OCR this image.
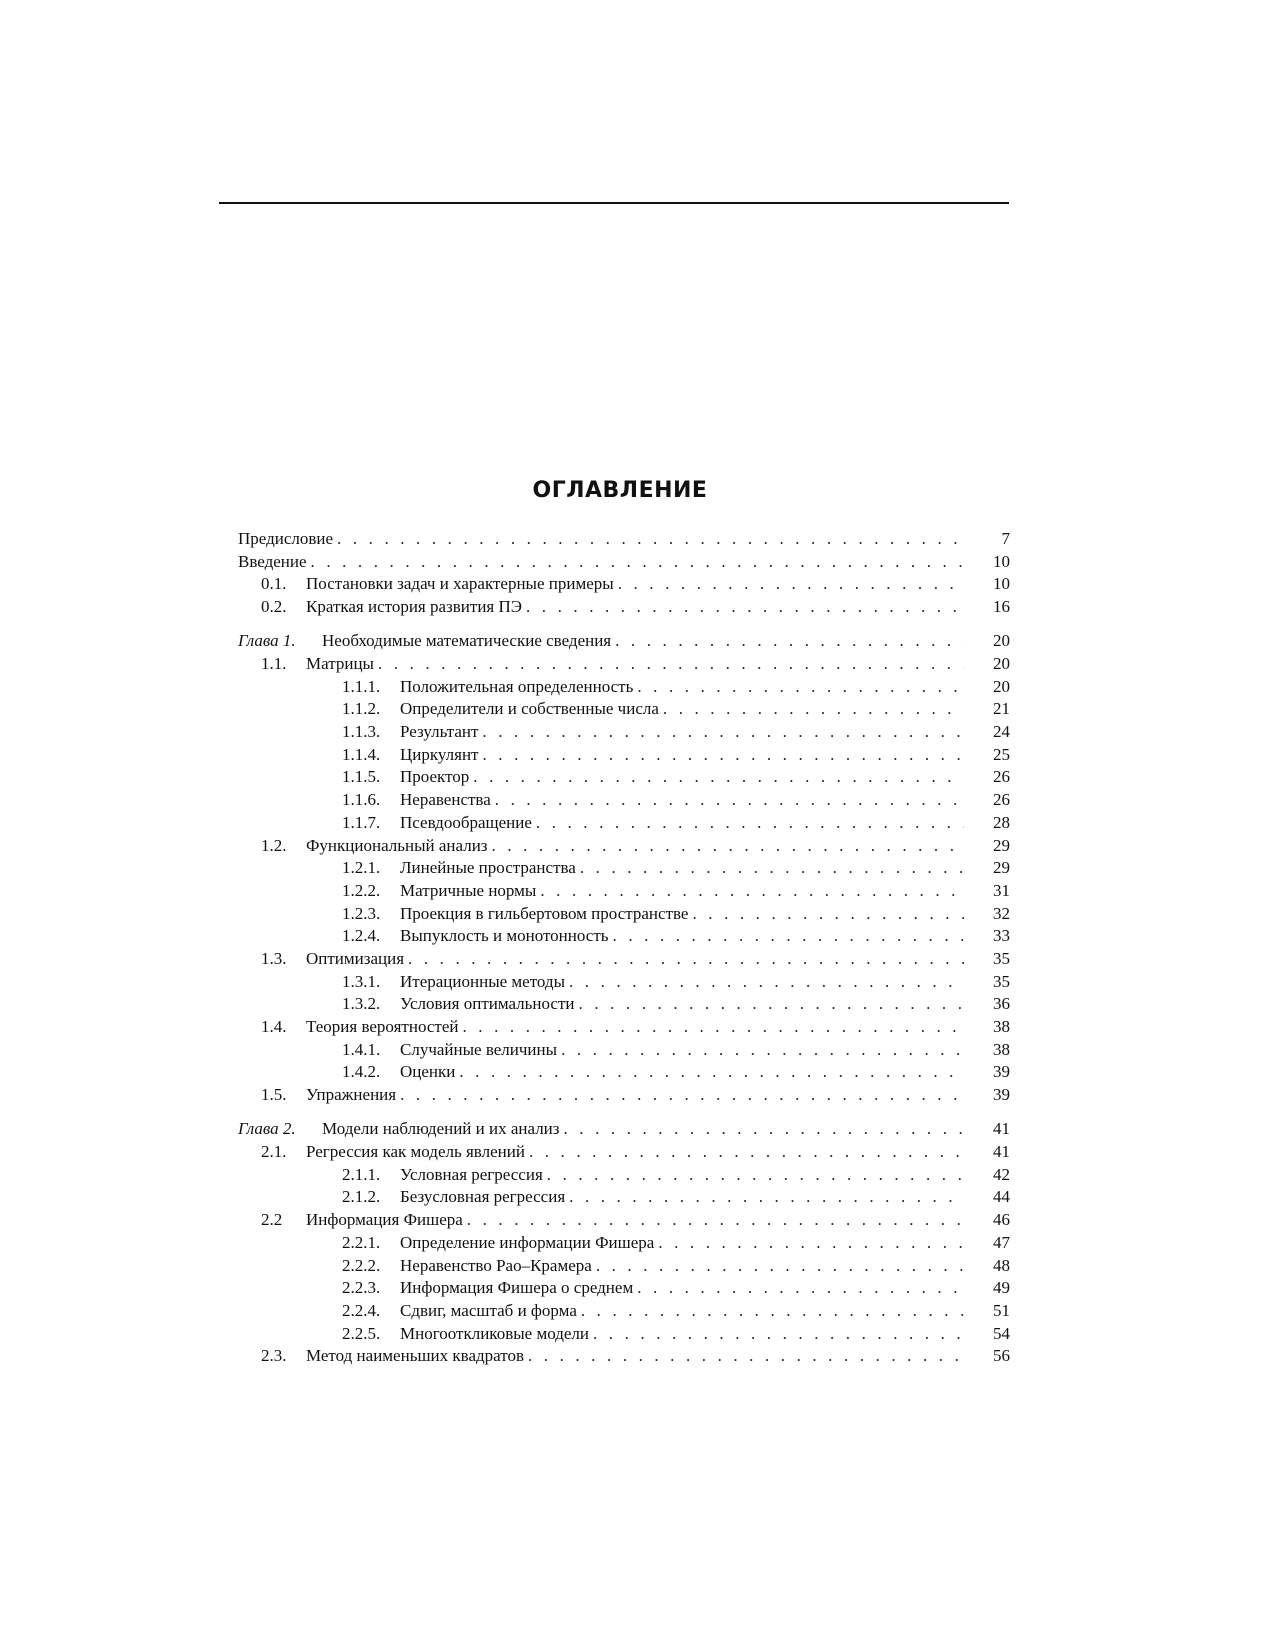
ОГЛАВЛЕНИЕ
Предисловие . . .	7
Введение . . .	10
0.1.	Постановки задач и характерные примеры . . .	10
0.2.	Краткая история развития ПЭ . . .	16
Глава 1.	Необходимые математические сведения . . .	20
1.1.	Матрицы . . .	20
1.1.1.	Положительная определенность . . .	20
1.1.2.	Определители и собственные числа . . .	21
1.1.3.	Результант . . .	24
1.1.4.	Циркулянт . . .	25
1.1.5.	Проектор . . .	26
1.1.6.	Неравенства . . .	26
1.1.7.	Псевдообращение . . .	28
1.2.	Функциональный анализ . . .	29
1.2.1.	Линейные пространства . . .	29
1.2.2.	Матричные нормы . . .	31
1.2.3.	Проекция в гильбертовом пространстве . . .	32
1.2.4.	Выпуклость и монотонность . . .	33
1.3.	Оптимизация . . .	35
1.3.1.	Итерационные методы . . .	35
1.3.2.	Условия оптимальности . . .	36
1.4.	Теория вероятностей . . .	38
1.4.1.	Случайные величины . . .	38
1.4.2.	Оценки . . .	39
1.5.	Упражнения . . .	39
Глава 2.	Модели наблюдений и их анализ . . .	41
2.1.	Регрессия как модель явлений . . .	41
2.1.1.	Условная регрессия . . .	42
2.1.2.	Безусловная регрессия . . .	44
2.2	Информация Фишера . . .	46
2.2.1.	Определение информации Фишера . . .	47
2.2.2.	Неравенство Рао–Крамера . . .	48
2.2.3.	Информация Фишера о среднем . . .	49
2.2.4.	Сдвиг, масштаб и форма . . .	51
2.2.5.	Многооткликовые модели . . .	54
2.3.	Метод наименьших квадратов . . .	56
